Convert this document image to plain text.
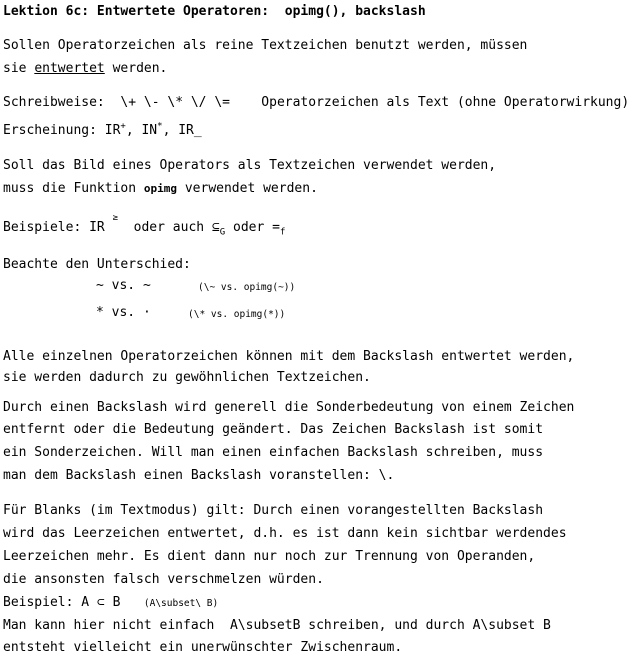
Lektion 6c: Entwertete Operatoren:  opimg(), backslash
Sollen Operatorzeichen als reine Textzeichen benutzt werden, müssen
sie entwertet werden.
Schreibweise: \+ \- \* \/ \= Operatorzeichen als Text (ohne Operatorwirkung)
Erscheinung: IR+, IN*, IR_
Soll das Bild eines Operators als Textzeichen verwendet werden,
muss die Funktion opimg verwendet werden.
Beispiele: IR ≥  oder auch $⊆_G$ oder $=_f$
Beachte den Unterschied:
~ vs. ~	(\~ vs. opimg(~))
* vs. ·	(\* vs. opimg(*))
Alle einzelnen Operatorzeichen können mit dem Backslash entwertet werden,
sie werden dadurch zu gewöhnlichen Textzeichen.
Durch einen Backslash wird generell die Sonderbedeutung von einem Zeichen
entfernt oder die Bedeutung geändert. Das Zeichen Backslash ist somit
ein Sonderzeichen. Will man einen einfachen Backslash schreiben, muss
man dem Backslash einen Backslash voranstellen: \.
Für Blanks (im Textmodus) gilt: Durch einen vorangestellten Backslash
wird das Leerzeichen entwertet, d.h. es ist dann kein sichtbar werdendes
Leerzeichen mehr. Es dient dann nur noch zur Trennung von Operanden,
die ansonsten falsch verschmelzen würden.
Beispiel: A ⊂ B (A\subset\ B)
Man kann hier nicht einfach  A\subsetB schreiben, und durch A\subset B
entsteht vielleicht ein unerwünschter Zwischenraum.
